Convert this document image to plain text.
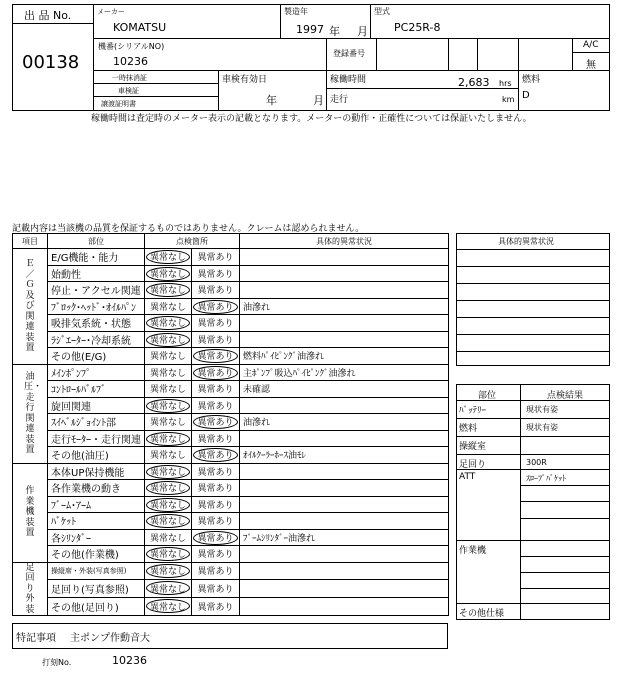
出 品 No.
00138
メーカー
KOMATSU
製造年
1997 年 月
型式
PC25R-8
機番(シリアルNO)
10236
登録番号
A/C
無
一時抹消証
車検証
譲渡証明書
車検有効日
年	月
稼働時間	2,683 hrs
走行	km
燃料
D
稼働時間は査定時のメーター表示の記載となります。メーターの動作・正確性については保証いたしません。
記載内容は当該機の品質を保証するものではありません。クレームは認められません。
項目	部位	点検箇所		具体的異常状況

Ｅ／Ｇ及び関連装置	E/G機能・能力	異常なし	異常あり	
	始動性	異常なし	異常あり	
	停止・アクセル関連	異常なし	異常あり	
	ﾌﾞﾛｯｸ･ﾍｯﾄﾞ･ｵｲﾙﾊﾟﾝ	異常なし	異常あり	油滲れ
	吸排気系統・状態	異常なし	異常あり	
	ﾗｼﾞｴｰﾀｰ･冷却系統	異常なし	異常あり	
	その他(E/G)	異常なし	異常あり	燃料ﾊﾟｲﾋﾟﾝｸﾞ油滲れ

油圧・走行関連装置	ﾒｲﾝﾎﾟﾝﾌﾟ	異常なし	異常あり	主ﾎﾟﾝﾌﾟ吸込ﾊﾟｲﾋﾟﾝｸﾞ油滲れ
	ｺﾝﾄﾛｰﾙﾊﾞﾙﾌﾞ	異常なし	異常あり	未確認
	旋回関連	異常なし	異常あり	
	ｽｲﾍﾞﾙｼﾞｮｲﾝﾄ部	異常なし	異常あり	油滲れ
	走行ﾓｰﾀｰ・走行関連	異常なし	異常あり	
	その他(油圧)	異常なし	異常あり	ｵｲﾙｸｰﾗｰﾎｰｽ油ﾓﾚ

作業機装置	本体UP保持機能	異常なし	異常あり	
	各作業機の動き	異常なし	異常あり	
	ﾌﾞｰﾑ･ｱｰﾑ	異常なし	異常あり	
	ﾊﾞｹｯﾄ	異常なし	異常あり	
	各ｼﾘﾝﾀﾞｰ	異常なし	異常あり	ﾌﾞｰﾑｼﾘﾝﾀﾞｰ油滲れ
	その他(作業機)	異常なし	異常あり	

足回り外装	操縦席・外装(写真参照)	異常なし	異常あり	
	足回り(写真参照)	異常なし	異常あり	
	その他(足回り)	異常なし	異常あり	
具体的異常状況
部位	点検結果
ﾊﾞｯﾃﾘｰ	現状有姿
燃料	現状有姿
操縦室
足回り	300R
ATT	ｽﾛｰﾌﾟﾊﾞｹｯﾄ
作業機
その他仕様
特記事項 主ポンプ作動音大
打刻No.	10236
